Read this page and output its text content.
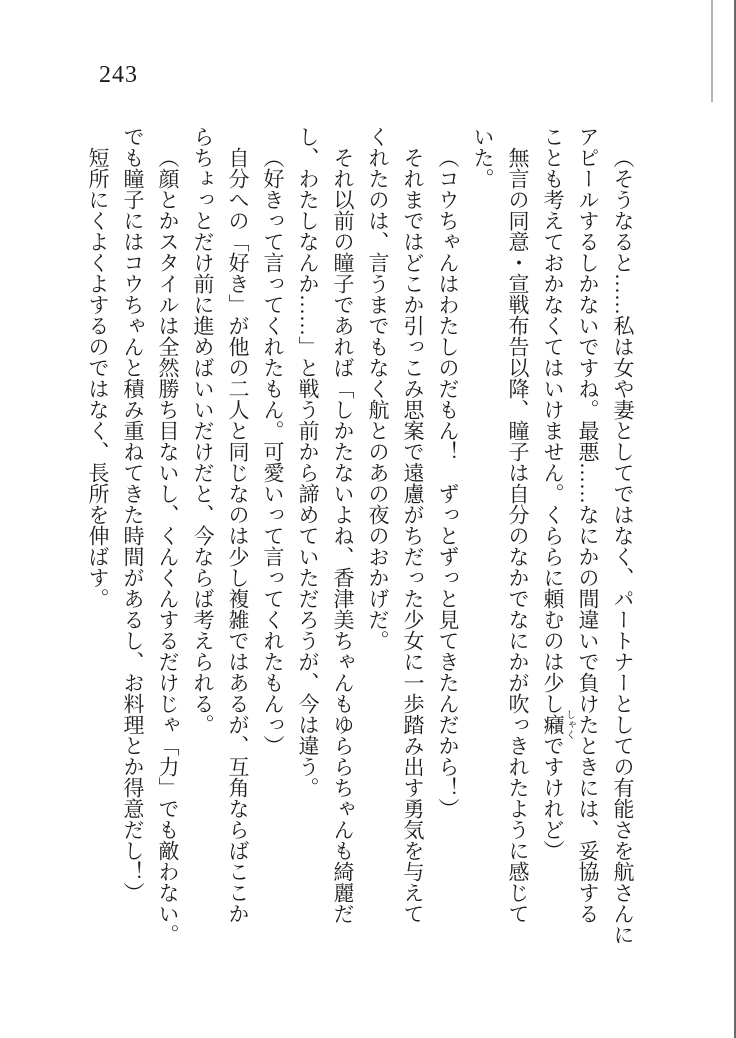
243

（そうなると……私は女や妻としてではなく、パートナーとしての有能さを航さんに
アピールするしかないですね。最悪……なにかの間違いで負けたときには、妥協する
ことも考えておかなくてはいけません。くららに頼むのは少し癪しゃくですけれど）

無言の同意・宣戦布告以降、瞳子は自分のなかでなにかが吹っきれたように感じて
いた。

（コウちゃんはわたしのだもん！　ずっとずっと見てきたんだから！）

それまではどこか引っこみ思案で遠慮がちだった少女に一歩踏み出す勇気を与えて
くれたのは、言うまでもなく航とのあの夜のおかげだ。

それ以前の瞳子であれば「しかたないよね、香津美ちゃんもゆららちゃんも綺麗だ
し、わたしなんか……」と戦う前から諦めていただろうが、今は違う。

（好きって言ってくれたもん。可愛いって言ってくれたもんっ）

自分への「好き」が他の二人と同じなのは少し複雑ではあるが、互角ならばここか
らちょっとだけ前に進めばいいだけだと、今ならば考えられる。

（顔とかスタイルは全然勝ち目ないし、くんくんするだけじゃ「力」でも敵わない。
でも瞳子にはコウちゃんと積み重ねてきた時間があるし、お料理とか得意だし！）

短所にくよくよするのではなく、長所を伸ばす。
